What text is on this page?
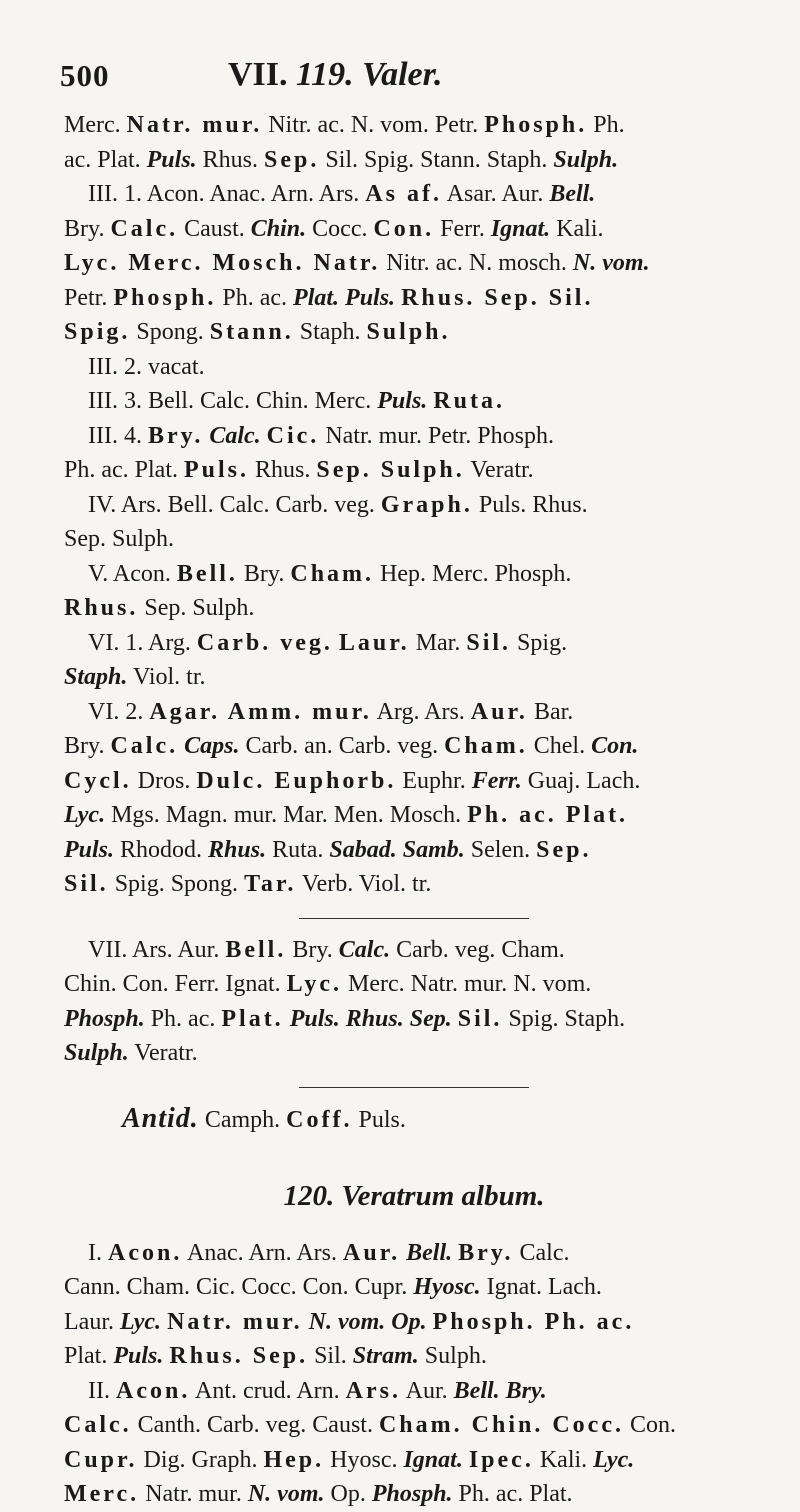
500	VII. 119. Valer.

Merc. Natr. mur. Nitr. ac. N. vom. Petr. Phosph. Ph.
ac. Plat. Puls. Rhus. Sep. Sil. Spig. Stann. Staph. Sulph.

III. 1. Acon. Anac. Arn. Ars. As af. Asar. Aur. Bell.
Bry. Calc. Caust. Chin. Cocc. Con. Ferr. Ignat. Kali.
Lyc. Merc. Mosch. Natr. Nitr. ac. N. mosch. N. vom.
Petr. Phosph. Ph. ac. Plat. Puls. Rhus. Sep. Sil.
Spig. Spong. Stann. Staph. Sulph.

III. 2. vacat.

III. 3. Bell. Calc. Chin. Merc. Puls. Ruta.

III. 4. Bry. Calc. Cic. Natr. mur. Petr. Phosph.
Ph. ac. Plat. Puls. Rhus. Sep. Sulph. Veratr.

IV. Ars. Bell. Calc. Carb. veg. Graph. Puls. Rhus.
Sep. Sulph.

V. Acon. Bell. Bry. Cham. Hep. Merc. Phosph.
Rhus. Sep. Sulph.

VI. 1. Arg. Carb. veg. Laur. Mar. Sil. Spig.
Staph. Viol. tr.

VI. 2. Agar. Amm. mur. Arg. Ars. Aur. Bar.
Bry. Calc. Caps. Carb. an. Carb. veg. Cham. Chel. Con.
Cycl. Dros. Dulc. Euphorb. Euphr. Ferr. Guaj. Lach.
Lyc. Mgs. Magn. mur. Mar. Men. Mosch. Ph. ac. Plat.
Puls. Rhodod. Rhus. Ruta. Sabad. Samb. Selen. Sep.
Sil. Spig. Spong. Tar. Verb. Viol. tr.

VII. Ars. Aur. Bell. Bry. Calc. Carb. veg. Cham.
Chin. Con. Ferr. Ignat. Lyc. Merc. Natr. mur. N. vom.
Phosph. Ph. ac. Plat. Puls. Rhus. Sep. Sil. Spig. Staph.
Sulph. Veratr.

Antid. Camph. Coff. Puls.

120. Veratrum album.

I. Acon. Anac. Arn. Ars. Aur. Bell. Bry. Calc.
Cann. Cham. Cic. Cocc. Con. Cupr. Hyosc. Ignat. Lach.
Laur. Lyc. Natr. mur. N. vom. Op. Phosph. Ph. ac.
Plat. Puls. Rhus. Sep. Sil. Stram. Sulph.

II. Acon. Ant. crud. Arn. Ars. Aur. Bell. Bry.
Calc. Canth. Carb. veg. Caust. Cham. Chin. Cocc. Con.
Cupr. Dig. Graph. Hep. Hyosc. Ignat. Ipec. Kali. Lyc.
Merc. Natr. mur. N. vom. Op. Phosph. Ph. ac. Plat.
